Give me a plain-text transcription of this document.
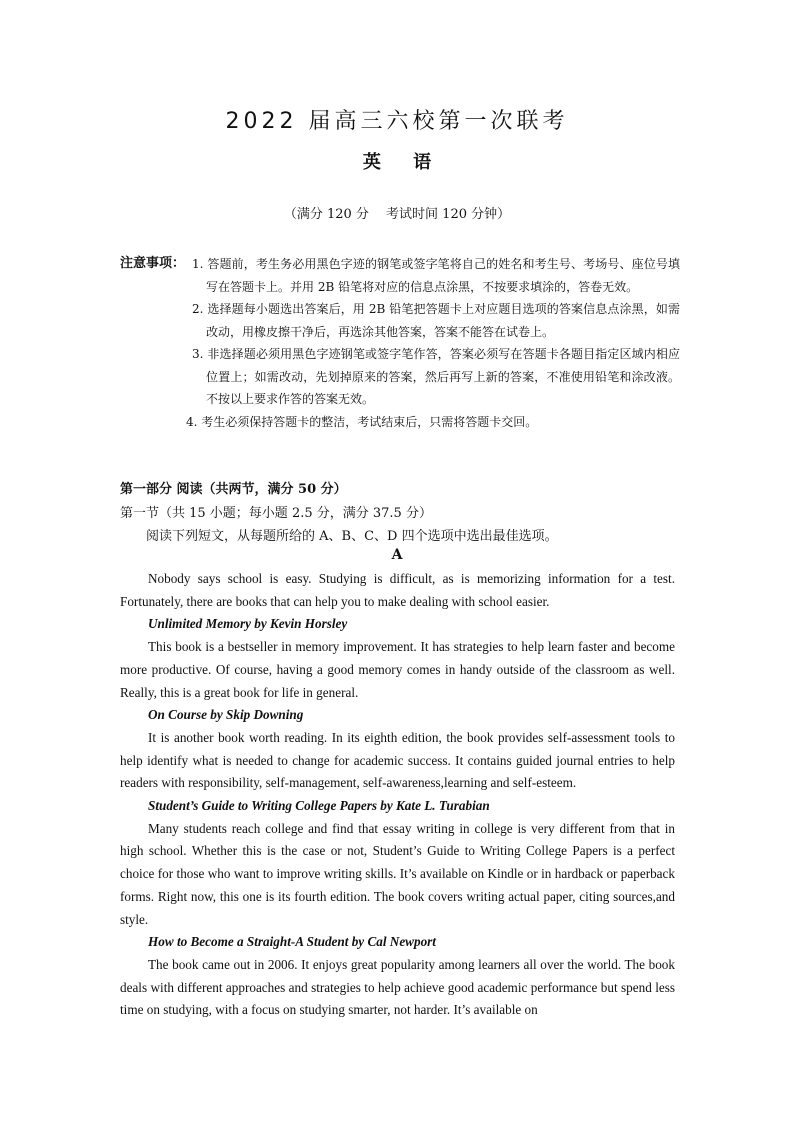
2022 届高三六校第一次联考
英 语
（满分 120 分　 考试时间 120 分钟）
注意事项： 1. 答题前，考生务必用黑色字迹的钢笔或签字笔将自己的姓名和考生号、考场号、座位号填写在答题卡上。并用 2B 铅笔将对应的信息点涂黑，不按要求填涂的，答卷无效。
2. 选择题每小题选出答案后，用 2B 铅笔把答题卡上对应题目选项的答案信息点涂黑，如需改动，用橡皮擦干净后，再选涂其他答案，答案不能答在试卷上。
3. 非选择题必须用黑色字迹钢笔或签字笔作答，答案必须写在答题卡各题目指定区域内相应位置上；如需改动，先划掉原来的答案，然后再写上新的答案，不准使用铅笔和涂改液。不按以上要求作答的答案无效。
4. 考生必须保持答题卡的整洁，考试结束后，只需将答题卡交回。
第一部分 阅读（共两节，满分 50 分）
第一节（共 15 小题；每小题 2.5 分，满分 37.5 分）
阅读下列短文，从每题所给的 A、B、C、D 四个选项中选出最佳选项。
A

Nobody says school is easy. Studying is difficult, as is memorizing information for a test. Fortunately, there are books that can help you to make dealing with school easier.

Unlimited Memory by Kevin Horsley

This book is a bestseller in memory improvement. It has strategies to help learn faster and become more productive. Of course, having a good memory comes in handy outside of the classroom as well. Really, this is a great book for life in general.

On Course by Skip Downing

It is another book worth reading. In its eighth edition, the book provides self-assessment tools to help identify what is needed to change for academic success. It contains guided journal entries to help readers with responsibility, self-management, self-awareness,learning and self-esteem.

Student’s Guide to Writing College Papers by Kate L. Turabian

Many students reach college and find that essay writing in college is very different from that in high school. Whether this is the case or not, Student’s Guide to Writing College Papers is a perfect choice for those who want to improve writing skills. It’s available on Kindle or in hardback or paperback forms. Right now, this one is its fourth edition. The book covers writing actual paper, citing sources,and style.

How to Become a Straight-A Student by Cal Newport

The book came out in 2006. It enjoys great popularity among learners all over the world. The book deals with different approaches and strategies to help achieve good academic performance but spend less time on studying, with a focus on studying smarter, not harder. It’s available on
